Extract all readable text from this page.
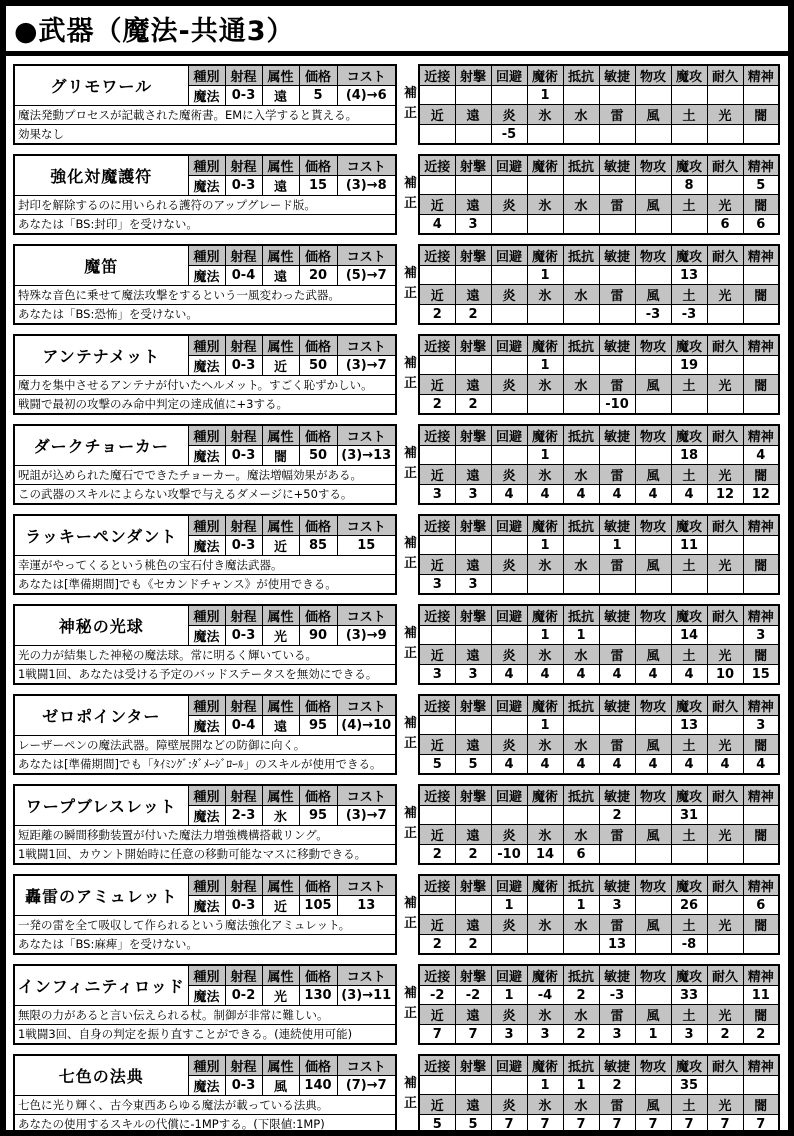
●武器（魔法-共通3）
グリモワール	種別	射程	属性	価格	コスト
	魔法	0-3	遠	5	(4)→6
魔法発動プロセスが記載された魔術書。EMに入学すると貰える。					
効果なし					
補
正
近接	射撃	回避	魔術	抵抗	敏捷	物攻	魔攻	耐久	精神
			1						
近	遠	炎	氷	水	雷	風	土	光	闇
		-5							
強化対魔護符	種別	射程	属性	価格	コスト
	魔法	0-3	遠	15	(3)→8
封印を解除するのに用いられる護符のアップグレード版。					
あなたは「BS:封印」を受けない。					
補
正
近接	射撃	回避	魔術	抵抗	敏捷	物攻	魔攻	耐久	精神
							8		5
近	遠	炎	氷	水	雷	風	土	光	闇
4	3							6	6
魔笛	種別	射程	属性	価格	コスト
	魔法	0-4	遠	20	(5)→7
特殊な音色に乗せて魔法攻撃をするという一風変わった武器。					
あなたは「BS:恐怖」を受けない。					
補
正
近接	射撃	回避	魔術	抵抗	敏捷	物攻	魔攻	耐久	精神
			1				13		
近	遠	炎	氷	水	雷	風	土	光	闇
2	2					-3	-3		
アンテナメット	種別	射程	属性	価格	コスト
	魔法	0-3	近	50	(3)→7
魔力を集中させるアンテナが付いたヘルメット。すごく恥ずかしい。					
戦闘で最初の攻撃のみ命中判定の達成値に+3する。					
補
正
近接	射撃	回避	魔術	抵抗	敏捷	物攻	魔攻	耐久	精神
			1				19		
近	遠	炎	氷	水	雷	風	土	光	闇
2	2				-10				
ダークチョーカー	種別	射程	属性	価格	コスト
	魔法	0-3	闇	50	(3)→13
呪詛が込められた魔石でできたチョーカー。魔法増幅効果がある。					
この武器のスキルによらない攻撃で与えるダメージに+50する。					
補
正
近接	射撃	回避	魔術	抵抗	敏捷	物攻	魔攻	耐久	精神
			1				18		4
近	遠	炎	氷	水	雷	風	土	光	闇
3	3	4	4	4	4	4	4	12	12
ラッキーペンダント	種別	射程	属性	価格	コスト
	魔法	0-3	近	85	15
幸運がやってくるという桃色の宝石付き魔法武器。					
あなたは[準備期間]でも《セカンドチャンス》が使用できる。					
補
正
近接	射撃	回避	魔術	抵抗	敏捷	物攻	魔攻	耐久	精神
			1		1		11		
近	遠	炎	氷	水	雷	風	土	光	闇
3	3								
神秘の光球	種別	射程	属性	価格	コスト
	魔法	0-3	光	90	(3)→9
光の力が結集した神秘の魔法球。常に明るく輝いている。					
1戦闘1回、あなたは受ける予定のバッドステータスを無効にできる。					
補
正
近接	射撃	回避	魔術	抵抗	敏捷	物攻	魔攻	耐久	精神
			1	1			14		3
近	遠	炎	氷	水	雷	風	土	光	闇
3	3	4	4	4	4	4	4	10	15
ゼロポインター	種別	射程	属性	価格	コスト
	魔法	0-4	遠	95	(4)→10
レーザーペンの魔法武器。障壁展開などの防御に向く。					
あなたは[準備期間]でも「ﾀｲﾐﾝｸﾞ:ﾀﾞﾒｰｼﾞﾛｰﾙ」のスキルが使用できる。					
補
正
近接	射撃	回避	魔術	抵抗	敏捷	物攻	魔攻	耐久	精神
			1				13		3
近	遠	炎	氷	水	雷	風	土	光	闇
5	5	4	4	4	4	4	4	4	4
ワープブレスレット	種別	射程	属性	価格	コスト
	魔法	2-3	氷	95	(3)→7
短距離の瞬間移動装置が付いた魔法力増強機構搭載リング。					
1戦闘1回、カウント開始時に任意の移動可能なマスに移動できる。					
補
正
近接	射撃	回避	魔術	抵抗	敏捷	物攻	魔攻	耐久	精神
					2		31		
近	遠	炎	氷	水	雷	風	土	光	闇
2	2	-10	14	6					
轟雷のアミュレット	種別	射程	属性	価格	コスト
	魔法	0-3	近	105	13
一発の雷を全て吸収して作られるという魔法強化アミュレット。					
あなたは「BS:麻痺」を受けない。					
補
正
近接	射撃	回避	魔術	抵抗	敏捷	物攻	魔攻	耐久	精神
		1		1	3		26		6
近	遠	炎	氷	水	雷	風	土	光	闇
2	2				13		-8		
インフィニティロッド	種別	射程	属性	価格	コスト
	魔法	0-2	光	130	(3)→11
無限の力があると言い伝えられる杖。制御が非常に難しい。					
1戦闘3回、自身の判定を振り直すことができる。(連続使用可能)					
補
正
近接	射撃	回避	魔術	抵抗	敏捷	物攻	魔攻	耐久	精神
-2	-2	1	-4	2	-3		33		11
近	遠	炎	氷	水	雷	風	土	光	闇
7	7	3	3	2	3	1	3	2	2
七色の法典	種別	射程	属性	価格	コスト
	魔法	0-3	風	140	(7)→7
七色に光り輝く、古今東西あらゆる魔法が載っている法典。					
あなたの使用するスキルの代償に-1MPする。(下限値:1MP)					
補
正
近接	射撃	回避	魔術	抵抗	敏捷	物攻	魔攻	耐久	精神
			1	1	2		35		
近	遠	炎	氷	水	雷	風	土	光	闇
5	5	7	7	7	7	7	7	7	7
